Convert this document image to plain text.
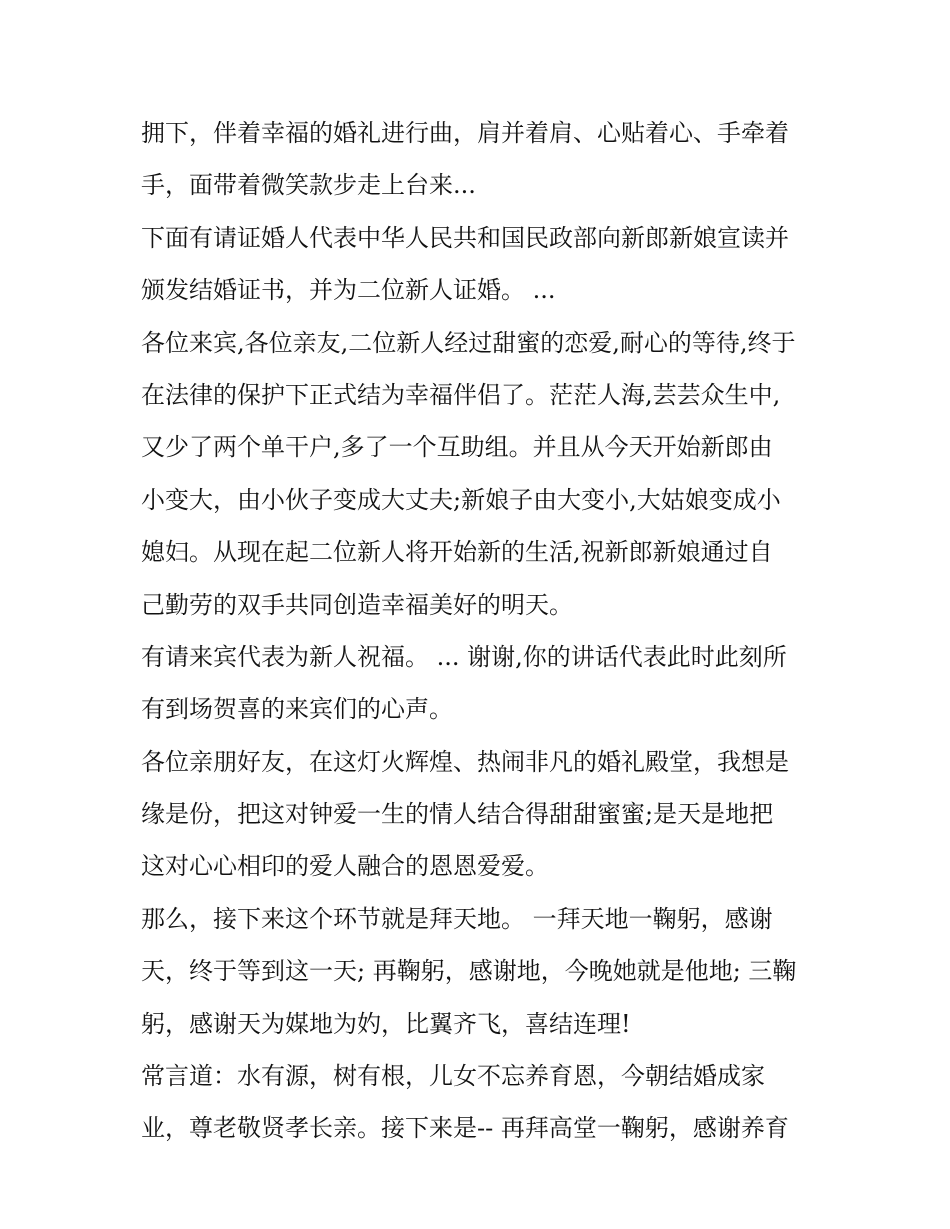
拥下，伴着幸福的婚礼进行曲，肩并着肩、心贴着心、手牵着
手，面带着微笑款步走上台来...
下面有请证婚人代表中华人民共和国民政部向新郎新娘宣读并
颁发结婚证书，并为二位新人证婚。 ...
各位来宾,各位亲友,二位新人经过甜蜜的恋爱,耐心的等待,终于
在法律的保护下正式结为幸福伴侣了。茫茫人海,芸芸众生中,
又少了两个单干户,多了一个互助组。并且从今天开始新郎由
小变大，由小伙子变成大丈夫;新娘子由大变小,大姑娘变成小
媳妇。从现在起二位新人将开始新的生活,祝新郎新娘通过自
己勤劳的双手共同创造幸福美好的明天。
有请来宾代表为新人祝福。 ... 谢谢,你的讲话代表此时此刻所
有到场贺喜的来宾们的心声。
各位亲朋好友，在这灯火辉煌、热闹非凡的婚礼殿堂，我想是
缘是份，把这对钟爱一生的情人结合得甜甜蜜蜜;是天是地把
这对心心相印的爱人融合的恩恩爱爱。
那么，接下来这个环节就是拜天地。 一拜天地一鞠躬，感谢
天，终于等到这一天; 再鞠躬，感谢地，今晚她就是他地; 三鞠
躬，感谢天为媒地为妁，比翼齐飞，喜结连理!
常言道：水有源，树有根，儿女不忘养育恩，今朝结婚成家
业，尊老敬贤孝长亲。接下来是-- 再拜高堂一鞠躬，感谢养育
